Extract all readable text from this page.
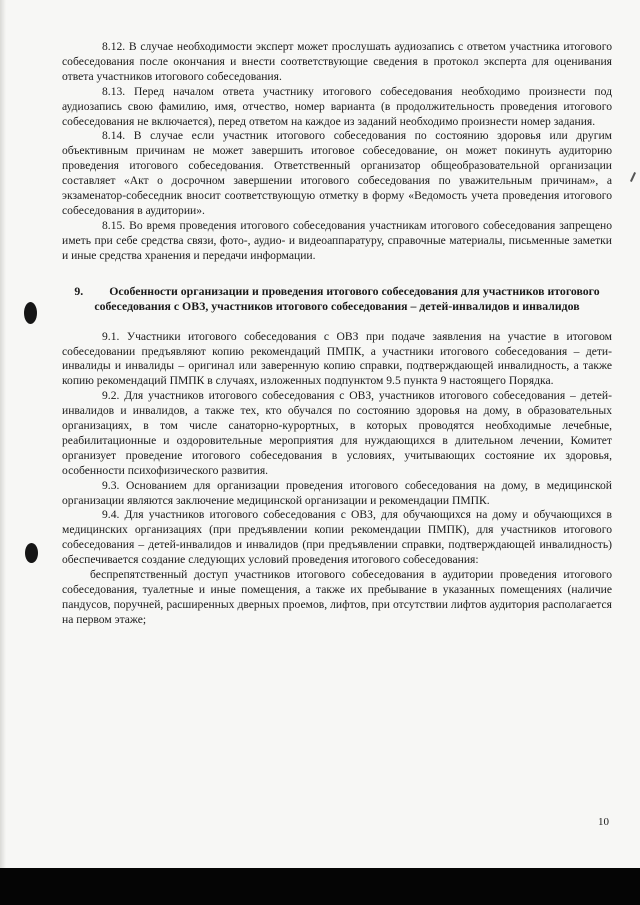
8.12. В случае необходимости эксперт может прослушать аудиозапись с ответом участника итогового собеседования после окончания и внести соответствующие сведения в протокол эксперта для оценивания ответа участников итогового собеседования.

8.13. Перед началом ответа участнику итогового собеседования необходимо произнести под аудиозапись свою фамилию, имя, отчество, номер варианта (в продолжительность проведения итогового собеседования не включается), перед ответом на каждое из заданий необходимо произнести номер задания.

8.14. В случае если участник итогового собеседования по состоянию здоровья или другим объективным причинам не может завершить итоговое собеседование, он может покинуть аудиторию проведения итогового собеседования. Ответственный организатор общеобразовательной организации составляет «Акт о досрочном завершении итогового собеседования по уважительным причинам», а экзаменатор-собеседник вносит соответствующую отметку в форму «Ведомость учета проведения итогового собеседования в аудитории».

8.15. Во время проведения итогового собеседования участникам итогового собеседования запрещено иметь при себе средства связи, фото-, аудио- и видеоаппаратуру, справочные материалы, письменные заметки и иные средства хранения и передачи информации.

9. Особенности организации и проведения итогового собеседования для участников итогового собеседования с ОВЗ, участников итогового собеседования – детей-инвалидов и инвалидов

9.1. Участники итогового собеседования с ОВЗ при подаче заявления на участие в итоговом собеседовании предъявляют копию рекомендаций ПМПК, а участники итогового собеседования – дети-инвалиды и инвалиды – оригинал или заверенную копию справки, подтверждающей инвалидность, а также копию рекомендаций ПМПК в случаях, изложенных подпунктом 9.5 пункта 9 настоящего Порядка.

9.2. Для участников итогового собеседования с ОВЗ, участников итогового собеседования – детей-инвалидов и инвалидов, а также тех, кто обучался по состоянию здоровья на дому, в образовательных организациях, в том числе санаторно-курортных, в которых проводятся необходимые лечебные, реабилитационные и оздоровительные мероприятия для нуждающихся в длительном лечении, Комитет организует проведение итогового собеседования в условиях, учитывающих состояние их здоровья, особенности психофизического развития.

9.3. Основанием для организации проведения итогового собеседования на дому, в медицинской организации являются заключение медицинской организации и рекомендации ПМПК.

9.4. Для участников итогового собеседования с ОВЗ, для обучающихся на дому и обучающихся в медицинских организациях (при предъявлении копии рекомендации ПМПК), для участников итогового собеседования – детей-инвалидов и инвалидов (при предъявлении справки, подтверждающей инвалидность) обеспечивается создание следующих условий проведения итогового собеседования:

беспрепятственный доступ участников итогового собеседования в аудитории проведения итогового собеседования, туалетные и иные помещения, а также их пребывание в указанных помещениях (наличие пандусов, поручней, расширенных дверных проемов, лифтов, при отсутствии лифтов аудитория располагается на первом этаже;

10
